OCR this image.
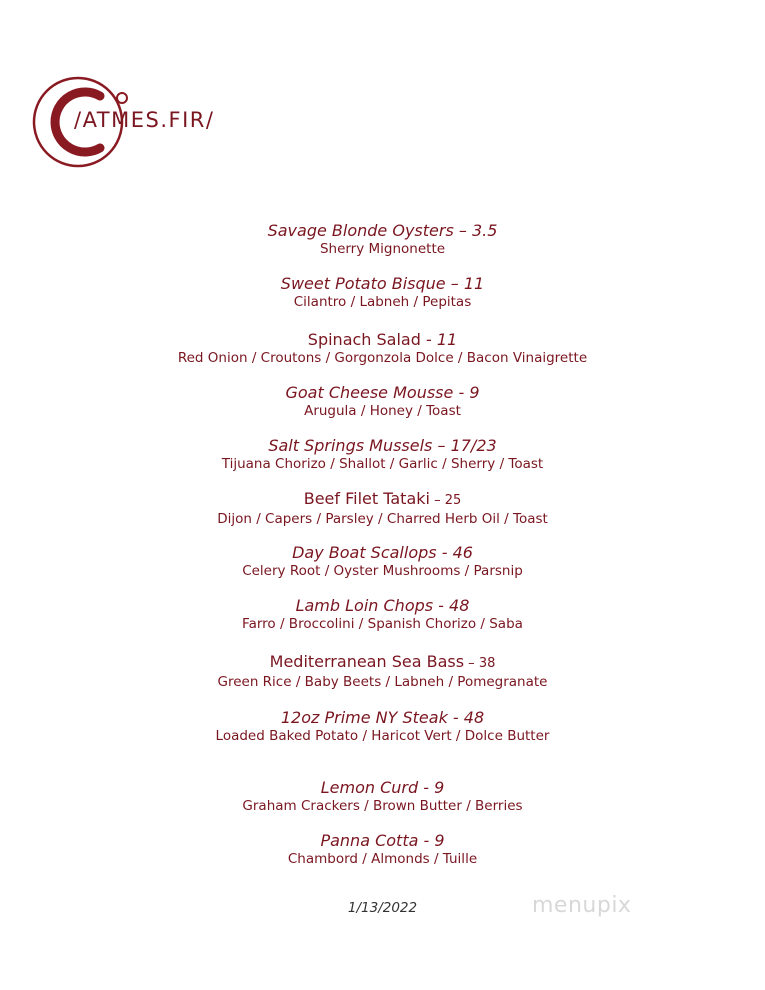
/ATMES.FIR/
Savage Blonde Oysters – 3.5
Sherry Mignonette
Sweet Potato Bisque – 11
Cilantro / Labneh / Pepitas
Spinach Salad - 11
Red Onion / Croutons / Gorgonzola Dolce / Bacon Vinaigrette
Goat Cheese Mousse - 9
Arugula / Honey / Toast
Salt Springs Mussels – 17/23
Tijuana Chorizo / Shallot / Garlic / Sherry / Toast
Beef Filet Tataki – 25
Dijon / Capers / Parsley / Charred Herb Oil / Toast
Day Boat Scallops - 46
Celery Root / Oyster Mushrooms / Parsnip
Lamb Loin Chops - 48
Farro / Broccolini / Spanish Chorizo / Saba
Mediterranean Sea Bass – 38
Green Rice / Baby Beets / Labneh / Pomegranate
12oz Prime NY Steak - 48
Loaded Baked Potato / Haricot Vert / Dolce Butter
Lemon Curd - 9
Graham Crackers / Brown Butter / Berries
Panna Cotta - 9
Chambord / Almonds / Tuille
1/13/2022	menupix
